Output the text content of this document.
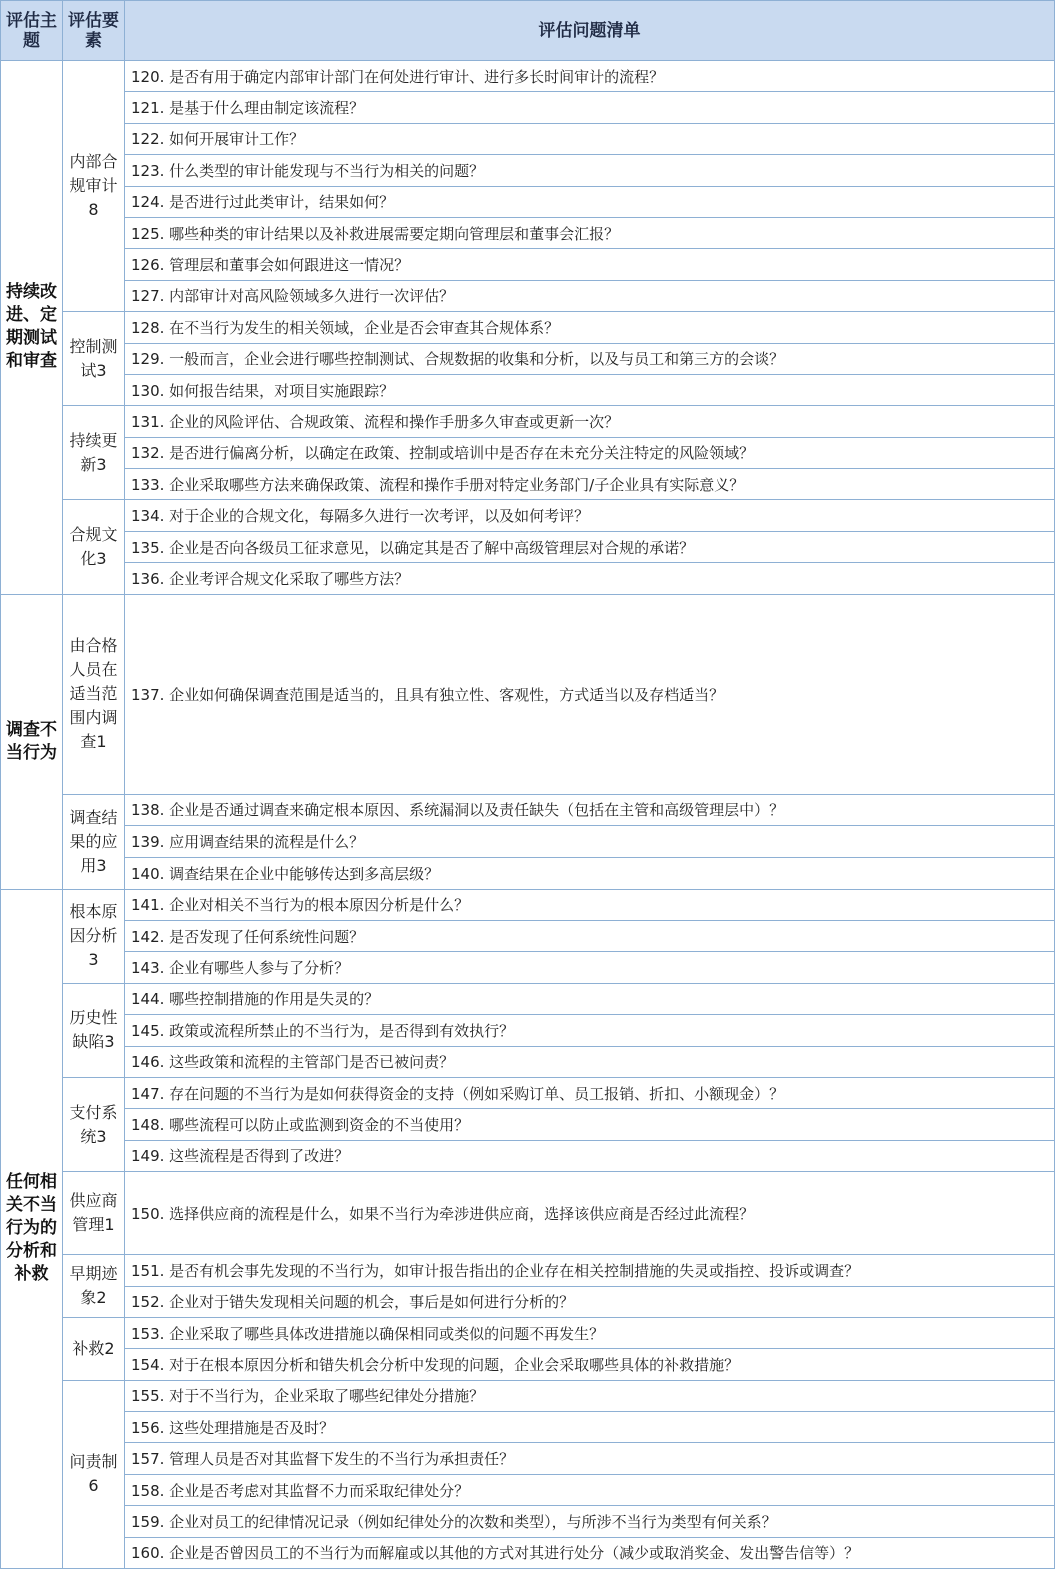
评估主题	评估要素	评估问题清单
持续改进、定期测试和审查	内部合规审计8	120. 是否有用于确定内部审计部门在何处进行审计、进行多长时间审计的流程？
		121. 是基于什么理由制定该流程？
		122. 如何开展审计工作？
		123. 什么类型的审计能发现与不当行为相关的问题？
		124. 是否进行过此类审计，结果如何？
		125. 哪些种类的审计结果以及补救进展需要定期向管理层和董事会汇报？
		126. 管理层和董事会如何跟进这一情况？
		127. 内部审计对高风险领域多久进行一次评估？
	控制测试3	128. 在不当行为发生的相关领域，企业是否会审查其合规体系？
		129. 一般而言，企业会进行哪些控制测试、合规数据的收集和分析，以及与员工和第三方的会谈？
		130. 如何报告结果，对项目实施跟踪？
	持续更新3	131. 企业的风险评估、合规政策、流程和操作手册多久审查或更新一次？
		132. 是否进行偏离分析，以确定在政策、控制或培训中是否存在未充分关注特定的风险领域？
		133. 企业采取哪些方法来确保政策、流程和操作手册对特定业务部门/子企业具有实际意义？
	合规文化3	134. 对于企业的合规文化，每隔多久进行一次考评，以及如何考评？
		135. 企业是否向各级员工征求意见，以确定其是否了解中高级管理层对合规的承诺？
		136. 企业考评合规文化采取了哪些方法？
调查不当行为	由合格人员在适当范围内调查1	137. 企业如何确保调查范围是适当的，且具有独立性、客观性，方式适当以及存档适当？
	调查结果的应用3	138. 企业是否通过调查来确定根本原因、系统漏洞以及责任缺失（包括在主管和高级管理层中）？
		139. 应用调查结果的流程是什么？
		140. 调查结果在企业中能够传达到多高层级？
任何相关不当行为的分析和补救	根本原因分析3	141. 企业对相关不当行为的根本原因分析是什么？
		142. 是否发现了任何系统性问题？
		143. 企业有哪些人参与了分析？
	历史性缺陷3	144. 哪些控制措施的作用是失灵的？
		145. 政策或流程所禁止的不当行为，是否得到有效执行？
		146. 这些政策和流程的主管部门是否已被问责？
	支付系统3	147. 存在问题的不当行为是如何获得资金的支持（例如采购订单、员工报销、折扣、小额现金）？
		148. 哪些流程可以防止或监测到资金的不当使用？
		149. 这些流程是否得到了改进？
	供应商管理1	150. 选择供应商的流程是什么，如果不当行为牵涉进供应商，选择该供应商是否经过此流程？
	早期迹象2	151. 是否有机会事先发现的不当行为，如审计报告指出的企业存在相关控制措施的失灵或指控、投诉或调查？
		152. 企业对于错失发现相关问题的机会，事后是如何进行分析的？
	补救2	153. 企业采取了哪些具体改进措施以确保相同或类似的问题不再发生？
		154. 对于在根本原因分析和错失机会分析中发现的问题，企业会采取哪些具体的补救措施？
	问责制6	155. 对于不当行为，企业采取了哪些纪律处分措施？
		156. 这些处理措施是否及时？
		157. 管理人员是否对其监督下发生的不当行为承担责任？
		158. 企业是否考虑对其监督不力而采取纪律处分？
		159. 企业对员工的纪律情况记录（例如纪律处分的次数和类型），与所涉不当行为类型有何关系？
		160. 企业是否曾因员工的不当行为而解雇或以其他的方式对其进行处分（减少或取消奖金、发出警告信等）？
